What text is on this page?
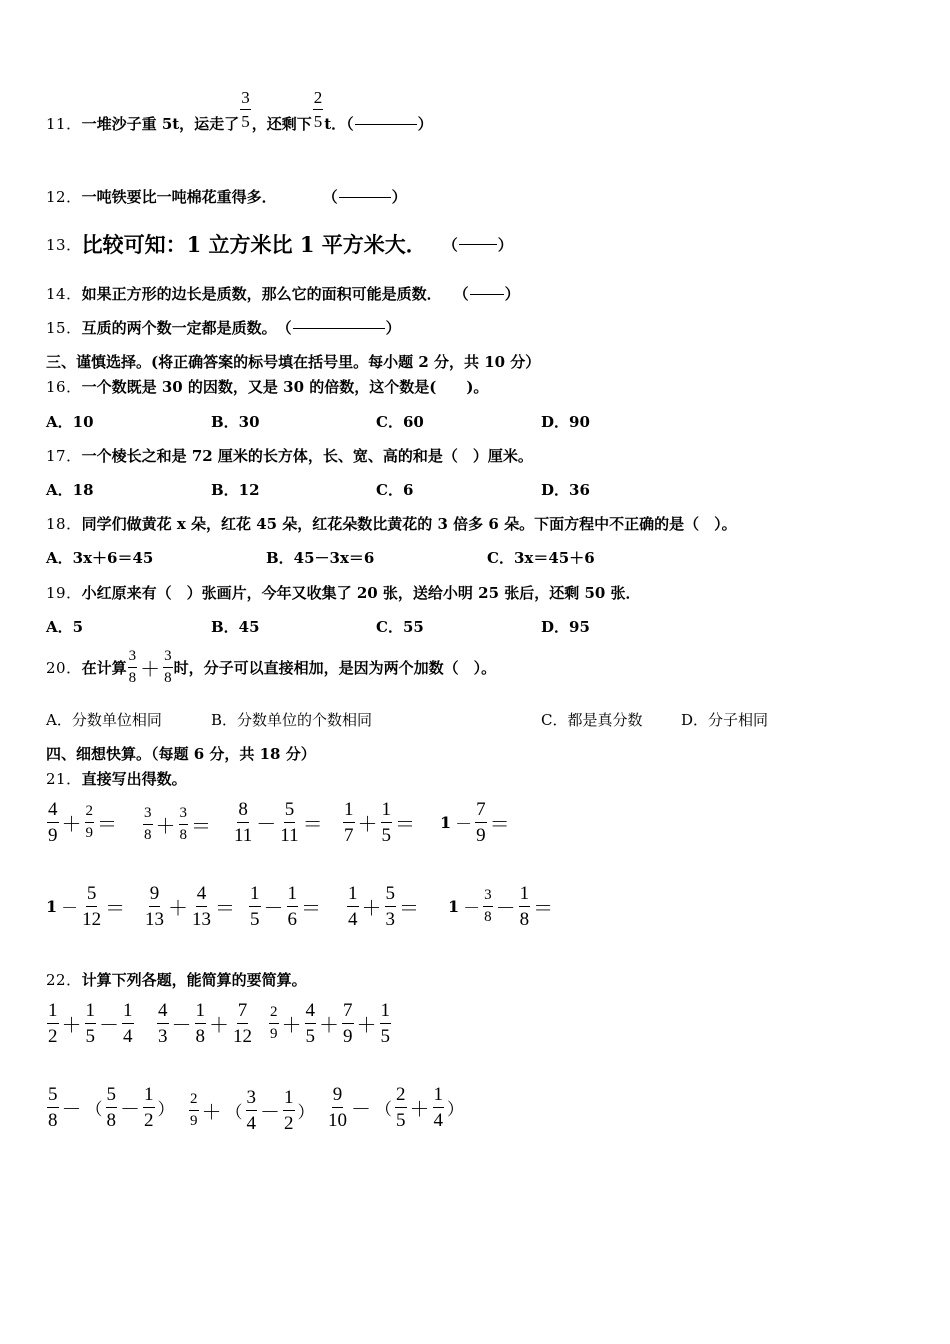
11． 一堆沙子重 5t，运走了 $\frac{3}{5}$ ，还剩下 $\frac{2}{5}$ t．（	）
12． 一吨铁要比一吨棉花重得多．	（	）
13． 比较可知：1 立方米比 1 平方米大． （	）
14． 如果正方形的边长是质数，那么它的面积可能是质数． （ ）
15． 互质的两个数一定都是质数。 （	）
三、谨慎选择。(将正确答案的标号填在括号里。每小题 2 分，共 10 分）
16． 一个数既是 30 的因数，又是 30 的倍数，这个数是(　　)。
A．10	B．30	C．60	D．90
17． 一个棱长之和是 72 厘米的长方体，长、宽、高的和是（　）厘米。
A．18	B．12	C．6	D．36
18． 同学们做黄花 x 朵，红花 45 朵，红花朵数比黄花的 3 倍多 6 朵。下面方程中不正确的是（　）。
A．3x＋6＝45	B．45－3x＝6	C．3x＝45＋6
19． 小红原来有（　）张画片，今年又收集了 20 张，送给小明 25 张后，还剩 50 张．
A．5	B．45	C．55	D．95
20． 在计算 $\frac{3}{8} + \frac{3}{8}$ 时，分子可以直接相加，是因为两个加数（　）。
A．分数单位相同	B．分数单位的个数相同	C．都是真分数	D．分子相同
四、细想快算。（每题 6 分，共 18 分）
21． 直接写出得数。
$\frac{4}{9} + \frac{2}{9} = \frac{3}{8} + \frac{3}{8} = \frac{8}{11} - \frac{5}{11} = \frac{1}{7} + \frac{1}{5} = 1 - \frac{7}{9}$ ＝
$1 - \frac{5}{12} = \frac{9}{13} + \frac{4}{13} = \frac{1}{5} - \frac{1}{6} = \frac{1}{4} + \frac{5}{3} = 1 - \frac{3}{8} - \frac{1}{8}$ ＝
22． 计算下列各题，能简算的要简算。
$\frac{1}{2} + \frac{1}{5} - \frac{1}{4} \frac{4}{3} - \frac{1}{8} + \frac{7}{12} \frac{2}{9} + \frac{4}{5} + \frac{7}{9} + \frac{1}{5}$
$\frac{5}{8}$ － （ $\frac{5}{8} - \frac{1}{2}$ ） $\frac{2}{9}$ ＋ （ $\frac{3}{4} - \frac{1}{2}$ ） $\frac{9}{10}$ － （ $\frac{2}{5} + \frac{1}{4}$ ）
